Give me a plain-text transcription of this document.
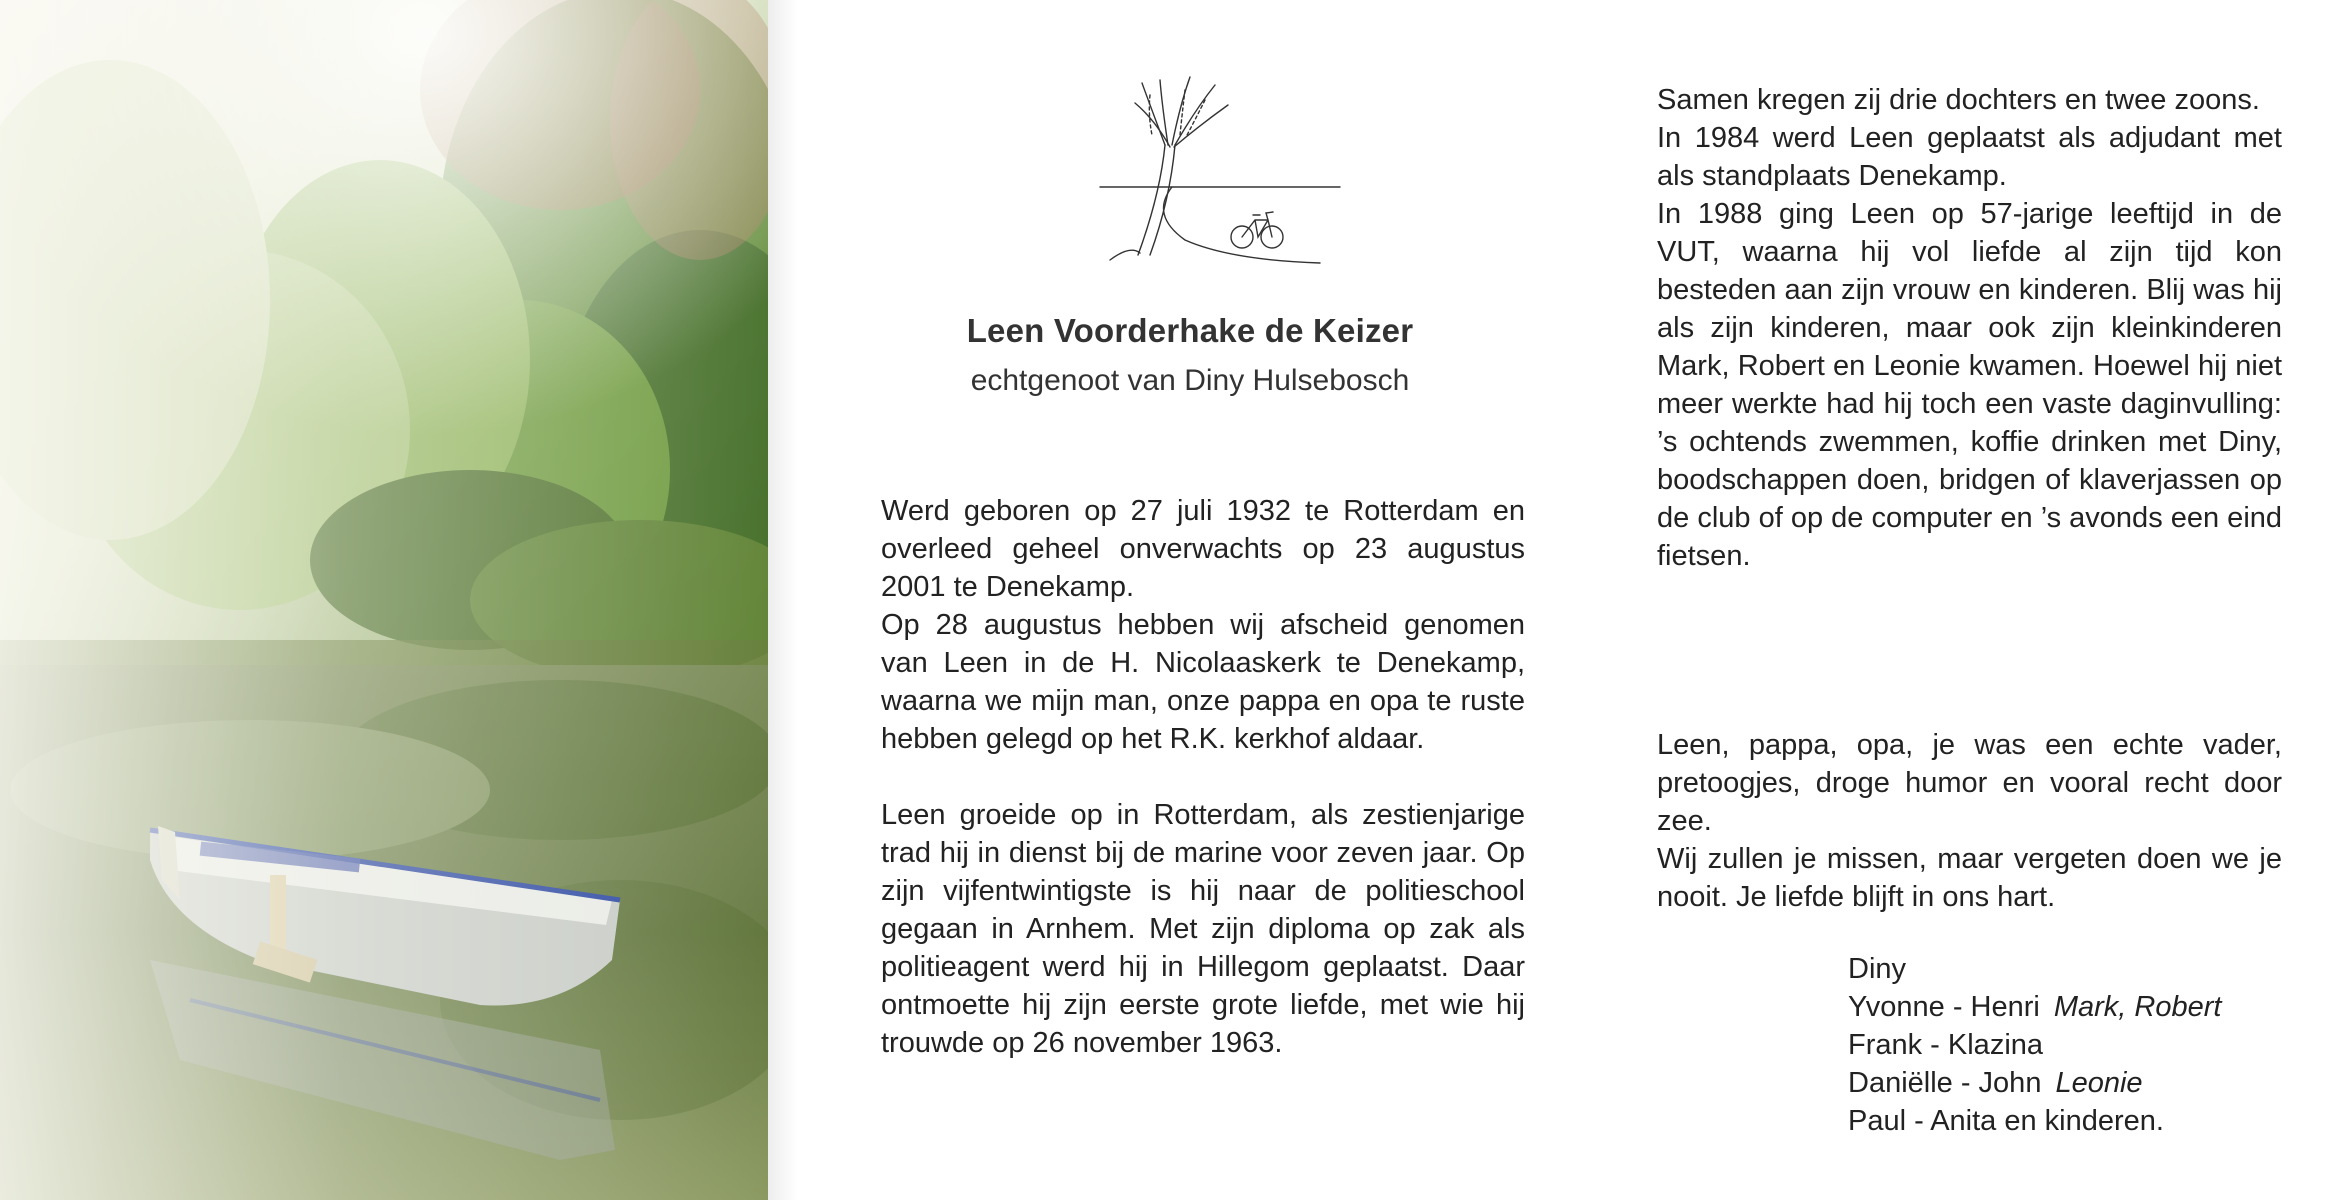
Leen Voorderhake de Keizer
echtgenoot van Diny Hulsebosch

Werd geboren op 27 juli 1932 te Rotterdam en overleed geheel onverwachts op 23 augustus 2001 te Denekamp.

Op 28 augustus hebben wij afscheid genomen van Leen in de H. Nicolaaskerk te Denekamp, waarna we mijn man, onze pappa en opa te ruste hebben gelegd op het R.K. kerkhof aldaar.

Leen groeide op in Rotterdam, als zestienjarige trad hij in dienst bij de marine voor zeven jaar. Op zijn vijfentwintigste is hij naar de politieschool gegaan in Arnhem. Met zijn diploma op zak als politieagent werd hij in Hillegom geplaatst. Daar ontmoette hij zijn eerste grote liefde, met wie hij trouwde op 26 november 1963.

Samen kregen zij drie dochters en twee zoons.

In 1984 werd Leen geplaatst als adjudant met als standplaats Denekamp.

In 1988 ging Leen op 57-jarige leeftijd in de VUT, waarna hij vol liefde al zijn tijd kon besteden aan zijn vrouw en kinderen. Blij was hij als zijn kinderen, maar ook zijn kleinkinderen Mark, Robert en Leonie kwamen. Hoewel hij niet meer werkte had hij toch een vaste daginvulling: ’s ochtends zwemmen, koffie drinken met Diny, boodschappen doen, bridgen of klaverjassen op de club of op de computer en ’s avonds een eind fietsen.

Leen, pappa, opa, je was een echte vader, pretoogjes, droge humor en vooral recht door zee.

Wij zullen je missen, maar vergeten doen we je nooit. Je liefde blijft in ons hart.

Diny
Yvonne - Henri Mark, Robert
Frank - Klazina
Daniëlle - John Leonie
Paul - Anita en kinderen.
